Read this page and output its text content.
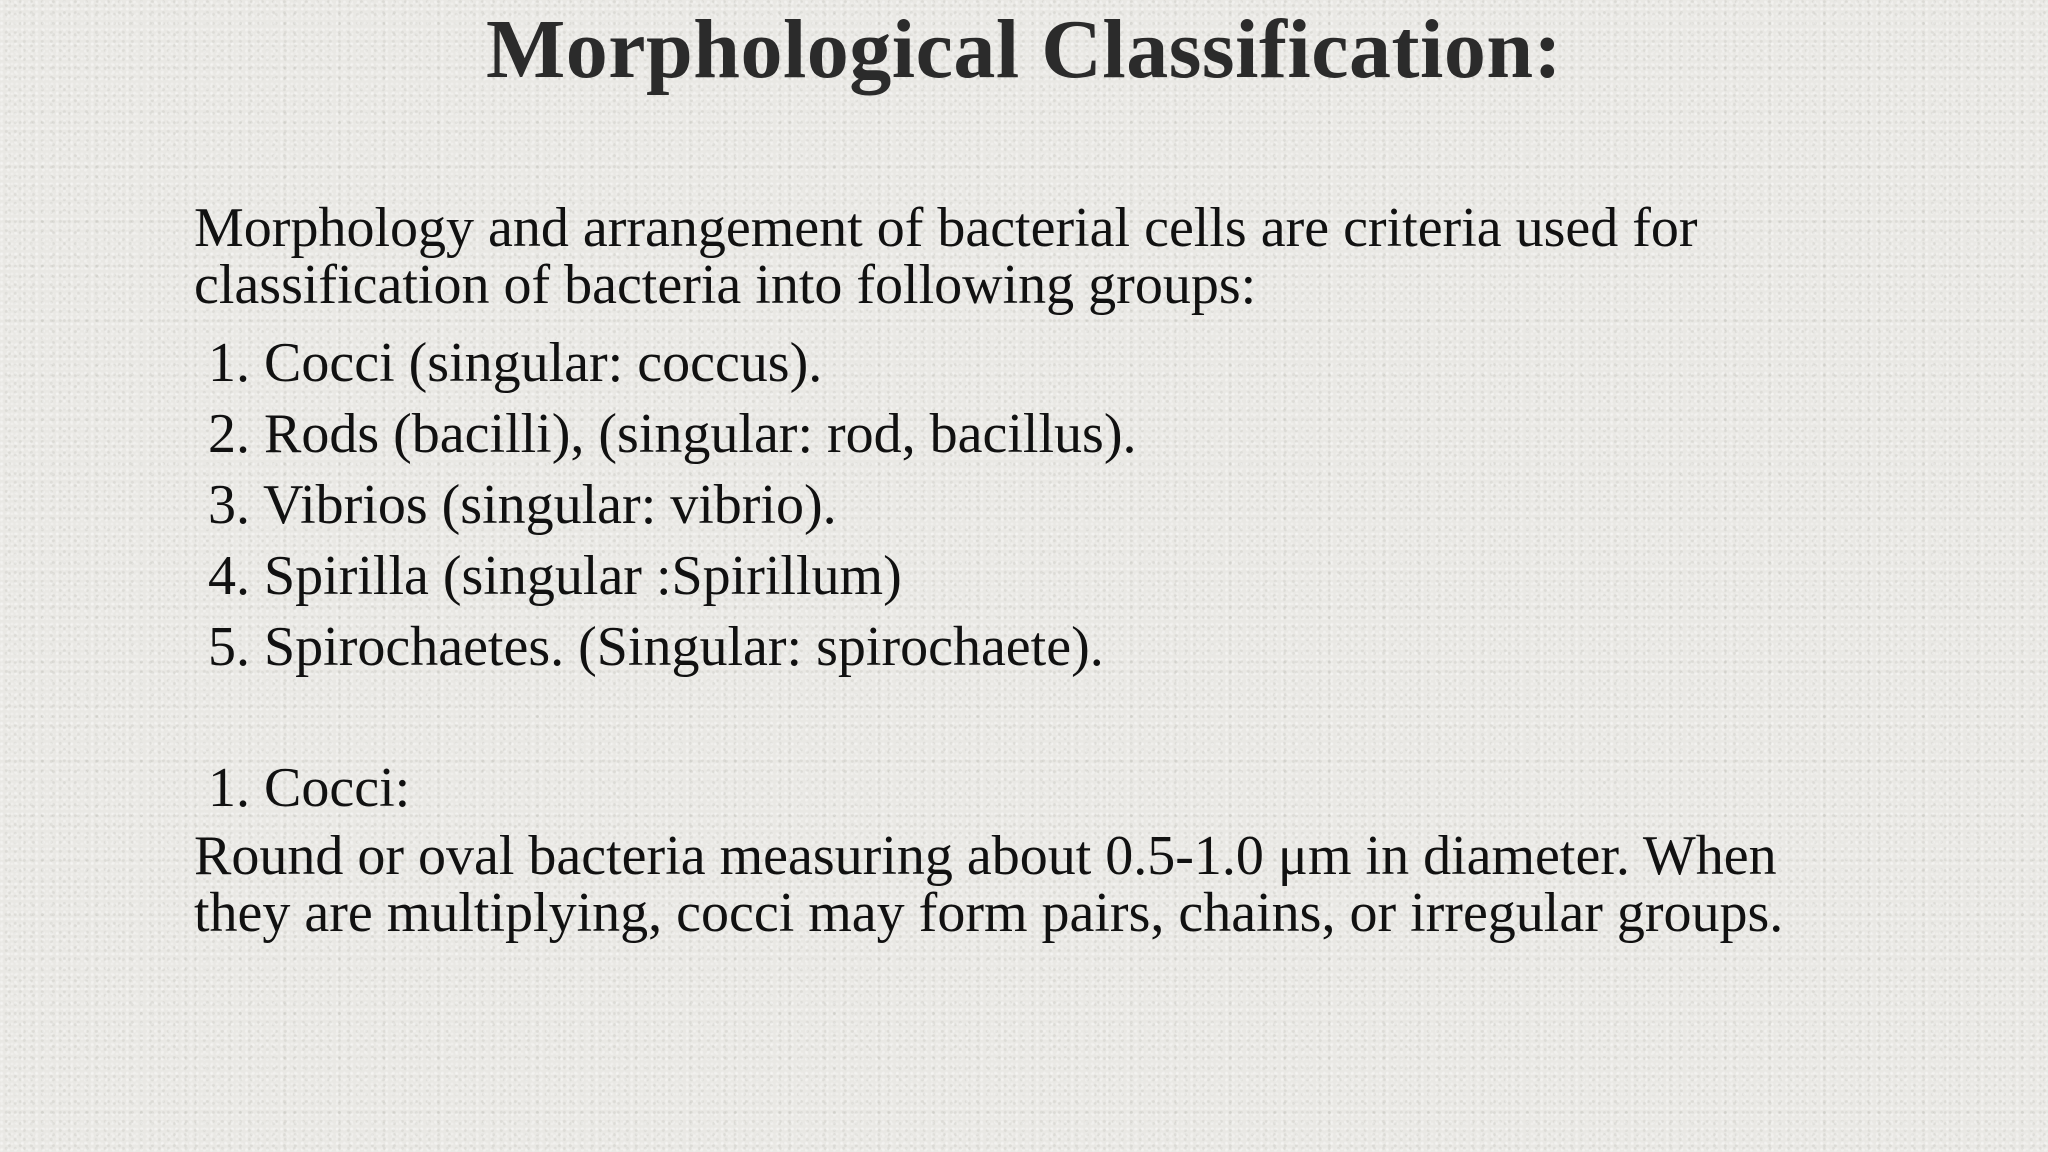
Morphological Classification:

Morphology and arrangement of bacterial cells are criteria used for
classification of bacteria into following groups:

1. Cocci (singular: coccus).
2. Rods (bacilli), (singular: rod, bacillus).
3. Vibrios (singular: vibrio).
4. Spirilla (singular :Spirillum)
5. Spirochaetes. (Singular: spirochaete).
1. Cocci:

Round or oval bacteria measuring about 0.5-1.0 μm in diameter. When
they are multiplying, cocci may form pairs, chains, or irregular groups.
